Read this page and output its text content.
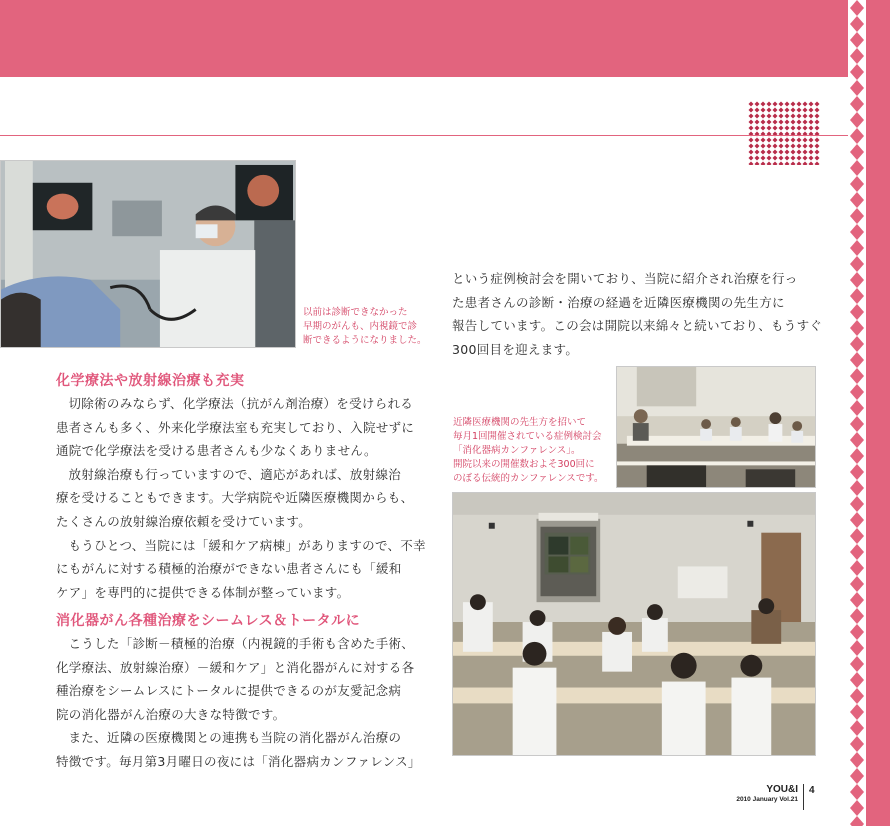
以前は診断できなかった
早期のがんも、内視鏡で診
断できるようになりました。
化学療法や放射線治療も充実

切除術のみならず、化学療法（抗がん剤治療）を受けられる

患者さんも多く、外来化学療法室も充実しており、入院せずに

通院で化学療法を受ける患者さんも少なくありません。

放射線治療も行っていますので、適応があれば、放射線治

療を受けることもできます。大学病院や近隣医療機関からも、

たくさんの放射線治療依頼を受けています。

もうひとつ、当院には「緩和ケア病棟」がありますので、不幸

にもがんに対する積極的治療ができない患者さんにも「緩和

ケア」を専門的に提供できる体制が整っています。

消化器がん各種治療をシームレス＆トータルに

こうした「診断－積極的治療（内視鏡的手術も含めた手術、

化学療法、放射線治療）－緩和ケア」と消化器がんに対する各

種治療をシームレスにトータルに提供できるのが友愛記念病

院の消化器がん治療の大きな特徴です。

また、近隣の医療機関との連携も当院の消化器がん治療の

特徴です。毎月第3月曜日の夜には「消化器病カンファレンス」

という症例検討会を開いており、当院に紹介され治療を行っ

た患者さんの診断・治療の経過を近隣医療機関の先生方に

報告しています。この会は開院以来綿々と続いており、もうすぐ

300回目を迎えます。

近隣医療機関の先生方を招いて
毎月1回開催されている症例検討会
「消化器病カンファレンス」。
開院以来の開催数およそ300回に
のぼる伝統的カンファレンスです。
YOU&I
2010 January Vol.21
4
